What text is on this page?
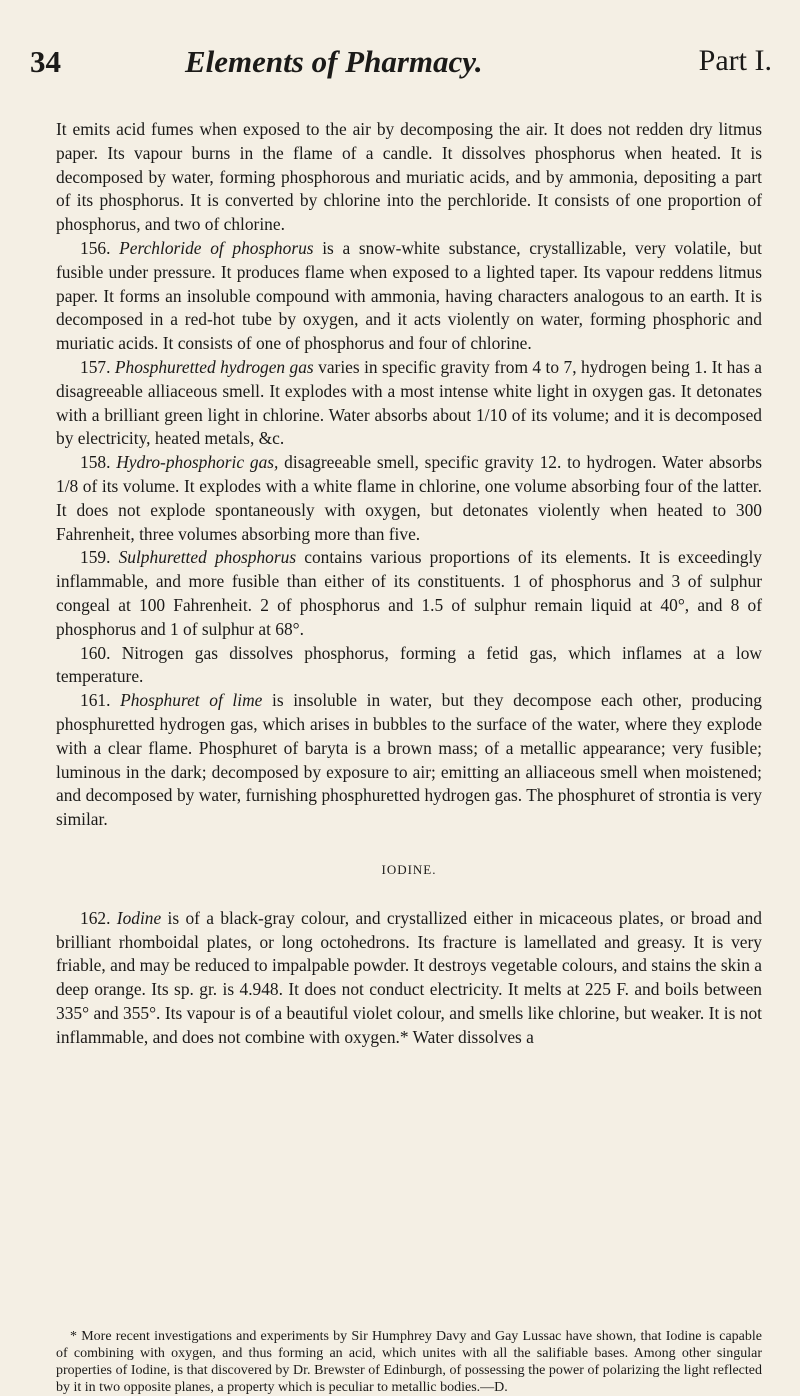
34	Elements of Pharmacy.	Part I.

It emits acid fumes when exposed to the air by decomposing the air. It does not redden dry litmus paper. Its vapour burns in the flame of a candle. It dissolves phosphorus when heated. It is decomposed by water, forming phosphorous and muriatic acids, and by ammonia, depositing a part of its phosphorus. It is converted by chlorine into the perchloride. It consists of one proportion of phosphorus, and two of chlorine.

156. Perchloride of phosphorus is a snow-white substance, crystallizable, very volatile, but fusible under pressure. It produces flame when exposed to a lighted taper. Its vapour reddens litmus paper. It forms an insoluble compound with ammonia, having characters analogous to an earth. It is decomposed in a red-hot tube by oxygen, and it acts violently on water, forming phosphoric and muriatic acids. It consists of one of phosphorus and four of chlorine.

157. Phosphuretted hydrogen gas varies in specific gravity from 4 to 7, hydrogen being 1. It has a disagreeable alliaceous smell. It explodes with a most intense white light in oxygen gas. It detonates with a brilliant green light in chlorine. Water absorbs about 1/10 of its volume; and it is decomposed by electricity, heated metals, &c.

158. Hydro-phosphoric gas, disagreeable smell, specific gravity 12. to hydrogen. Water absorbs 1/8 of its volume. It explodes with a white flame in chlorine, one volume absorbing four of the latter. It does not explode spontaneously with oxygen, but detonates violently when heated to 300 Fahrenheit, three volumes absorbing more than five.

159. Sulphuretted phosphorus contains various proportions of its elements. It is exceedingly inflammable, and more fusible than either of its constituents. 1 of phosphorus and 3 of sulphur congeal at 100 Fahrenheit. 2 of phosphorus and 1.5 of sulphur remain liquid at 40°, and 8 of phosphorus and 1 of sulphur at 68°.

160. Nitrogen gas dissolves phosphorus, forming a fetid gas, which inflames at a low temperature.

161. Phosphuret of lime is insoluble in water, but they decompose each other, producing phosphuretted hydrogen gas, which arises in bubbles to the surface of the water, where they explode with a clear flame. Phosphuret of baryta is a brown mass; of a metallic appearance; very fusible; luminous in the dark; decomposed by exposure to air; emitting an alliaceous smell when moistened; and decomposed by water, furnishing phosphuretted hydrogen gas. The phosphuret of strontia is very similar.

IODINE.

162. Iodine is of a black-gray colour, and crystallized either in micaceous plates, or broad and brilliant rhomboidal plates, or long octohedrons. Its fracture is lamellated and greasy. It is very friable, and may be reduced to impalpable powder. It destroys vegetable colours, and stains the skin a deep orange. Its sp. gr. is 4.948. It does not conduct electricity. It melts at 225 F. and boils between 335° and 355°. Its vapour is of a beautiful violet colour, and smells like chlorine, but weaker. It is not inflammable, and does not combine with oxygen.* Water dissolves a

* More recent investigations and experiments by Sir Humphrey Davy and Gay Lussac have shown, that Iodine is capable of combining with oxygen, and thus forming an acid, which unites with all the salifiable bases. Among other singular properties of Iodine, is that discovered by Dr. Brewster of Edinburgh, of possessing the power of polarizing the light reflected by it in two opposite planes, a property which is peculiar to metallic bodies.—D.
